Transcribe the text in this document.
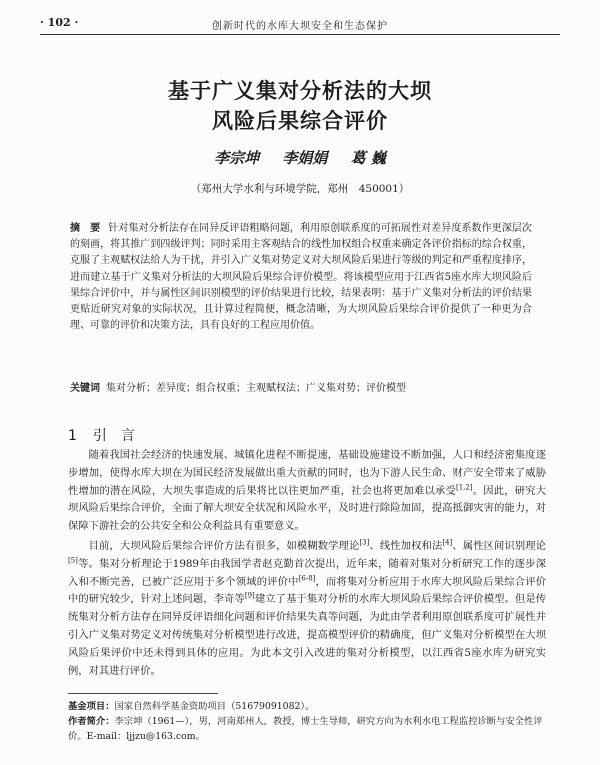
· 102 ·	创新时代的水库大坝安全和生态保护
基于广义集对分析法的大坝
风险后果综合评价
李宗坤 李娟娟 葛 巍
（郑州大学水利与环境学院，郑州　450001）
摘　要 针对集对分析法存在同异反评语粗略问题，利用原创联系度的可拓展性对差异度系数作更深层次的刻画，将其推广到四级评判；同时采用主客观结合的线性加权组合权重来确定各评价指标的综合权重，克服了主观赋权法给人为干扰，并引入广义集对势定义对大坝风险后果进行等级的判定和严重程度排序，进而建立基于广义集对分析法的大坝风险后果综合评价模型。将该模型应用于江西省5座水库大坝风险后果综合评价中，并与属性区间识别模型的评价结果进行比较，结果表明：基于广义集对分析法的评价结果更贴近研究对象的实际状况，且计算过程简便，概念清晰，为大坝风险后果综合评价提供了一种更为合理、可靠的评价和决策方法，具有良好的工程应用价值。
关键词 集对分析；差异度；组合权重；主观赋权法；广义集对势；评价模型
1 引　言

随着我国社会经济的快速发展、城镇化进程不断提速，基础设施建设不断加强，人口和经济密集度逐步增加，使得水库大坝在为国民经济发展做出重大贡献的同时，也为下游人民生命、财产安全带来了威胁性增加的潜在风险，大坝失事造成的后果将比以往更加严重，社会也将更加难以承受[1,2]。因此，研究大坝风险后果综合评价，全面了解大坝安全状况和风险水平，及时进行除险加固，提高抵御灾害的能力，对保障下游社会的公共安全和公众利益具有重要意义。

目前，大坝风险后果综合评价方法有很多，如模糊数学理论[3]、线性加权和法[4]、属性区间识别理论[5]等。集对分析理论于1989年由我国学者赵克勤首次提出，近年来，随着对集对分析研究工作的逐步深入和不断完善，已被广泛应用于多个领域的评价中[6-8]，而将集对分析应用于水库大坝风险后果综合评价中的研究较少，针对上述问题，李奇等[9]建立了基于集对分析的水库大坝风险后果综合评价模型。但是传统集对分析方法存在同异反评语细化问题和评价结果失真等问题，为此由学者利用原创联系度可扩展性并引入广义集对势定义对传统集对分析模型进行改进，提高模型评价的精确度，但广义集对分析模型在大坝风险后果评价中还未得到具体的应用。为此本文引入改进的集对分析模型，以江西省5座水库为研究实例，对其进行评价。

基金项目：国家自然科学基金资助项目（51679091082）。
作者简介：李宗坤（1961—），男，河南郑州人，教授，博士生导师，研究方向为水利水电工程监控诊断与安全性评价。E-mail：ljjzu@163.com。
